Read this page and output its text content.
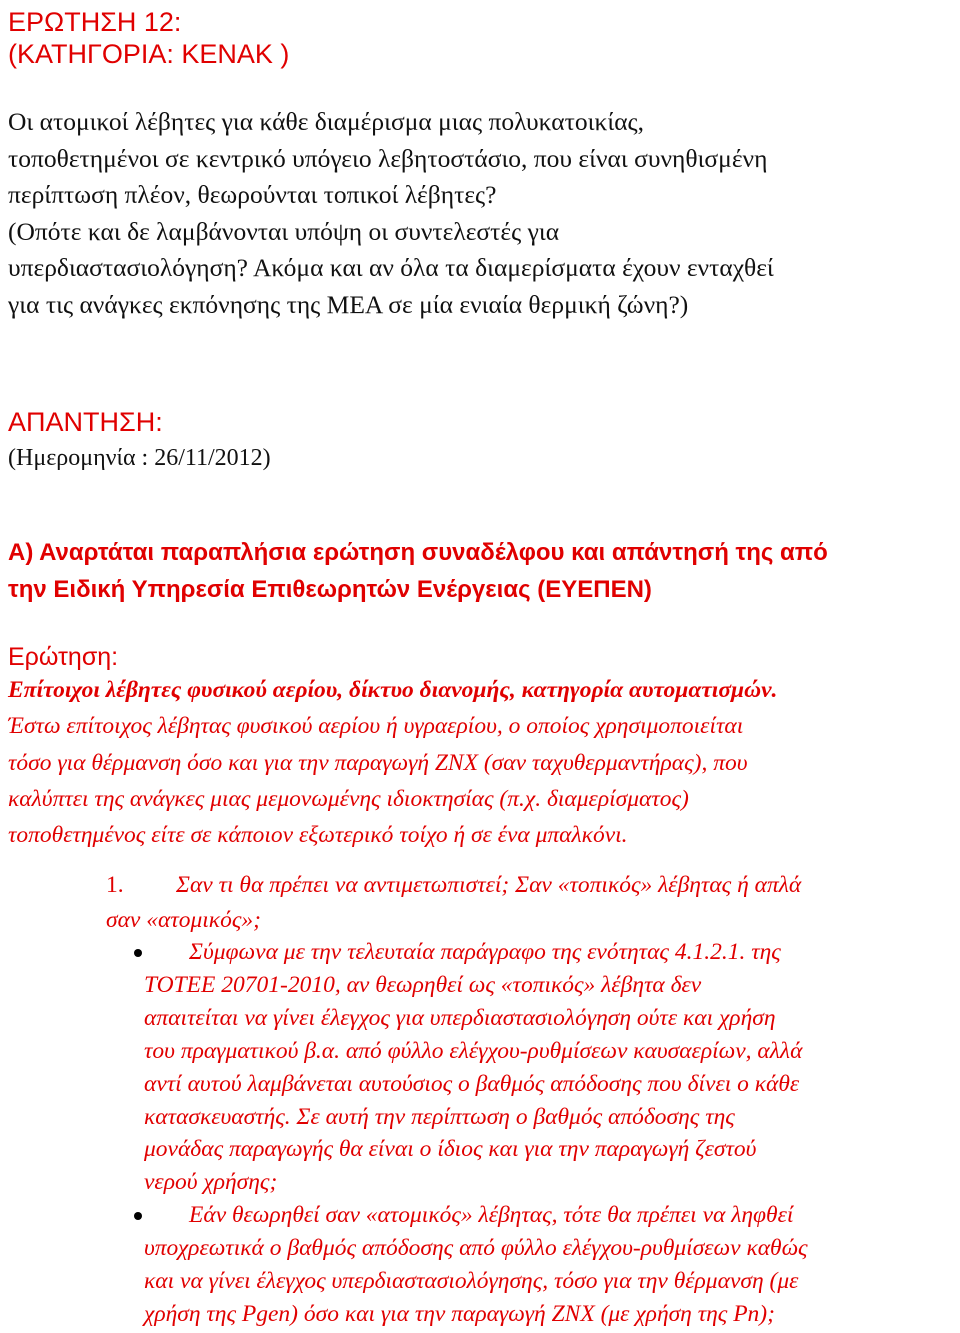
ΕΡΩΤΗΣΗ 12:
(ΚΑΤΗΓΟΡΙΑ: ΚΕΝΑΚ )
Οι ατομικοί λέβητες για κάθε διαμέρισμα μιας πολυκατοικίας,
τοποθετημένοι σε κεντρικό υπόγειο λεβητοστάσιο, που είναι συνηθισμένη
περίπτωση πλέον, θεωρούνται τοπικοί λέβητες?
(Οπότε και δε λαμβάνονται υπόψη οι συντελεστές για
υπερδιαστασιολόγηση? Ακόμα και αν όλα τα διαμερίσματα έχουν ενταχθεί
για τις ανάγκες εκπόνησης της ΜΕΑ σε μία ενιαία θερμική ζώνη?)
ΑΠΑΝΤΗΣΗ:
(Ημερομηνία : 26/11/2012)
Α) Αναρτάται παραπλήσια ερώτηση συναδέλφου και απάντησή της από
την Ειδική Υπηρεσία Επιθεωρητών Ενέργειας (ΕΥΕΠΕΝ)
Ερώτηση:
Επίτοιχοι λέβητες φυσικού αερίου, δίκτυο διανομής, κατηγορία αυτοματισμών.
Έστω επίτοιχος λέβητας φυσικού αερίου ή υγραερίου, ο οποίος χρησιμοποιείται
τόσο για θέρμανση όσο και για την παραγωγή ΖΝΧ (σαν ταχυθερμαντήρας), που
καλύπτει της ανάγκες μιας μεμονωμένης ιδιοκτησίας (π.χ. διαμερίσματος)
τοποθετημένος είτε σε κάποιον εξωτερικό τοίχο ή σε ένα μπαλκόνι.
1. Σαν τι θα πρέπει να αντιμετωπιστεί; Σαν «τοπικός» λέβητας ή απλά
σαν «ατομικός»;
Σύμφωνα με την τελευταία παράγραφο της ενότητας 4.1.2.1. της
ΤΟΤΕΕ 20701-2010, αν θεωρηθεί ως «τοπικός» λέβητα δεν
απαιτείται να γίνει έλεγχος για υπερδιαστασιολόγηση ούτε και χρήση
του πραγματικού β.α. από φύλλο ελέγχου-ρυθμίσεων καυσαερίων, αλλά
αντί αυτού λαμβάνεται αυτούσιος ο βαθμός απόδοσης που δίνει ο κάθε
κατασκευαστής. Σε αυτή την περίπτωση ο βαθμός απόδοσης της
μονάδας παραγωγής θα είναι ο ίδιος και για την παραγωγή ζεστού
νερού χρήσης;
Εάν θεωρηθεί σαν «ατομικός» λέβητας, τότε θα πρέπει να ληφθεί
υποχρεωτικά ο βαθμός απόδοσης από φύλλο ελέγχου-ρυθμίσεων καθώς
και να γίνει έλεγχος υπερδιαστασιολόγησης, τόσο για την θέρμανση (με
χρήση της Pgen) όσο και για την παραγωγή ΖΝΧ (με χρήση της Pn);
